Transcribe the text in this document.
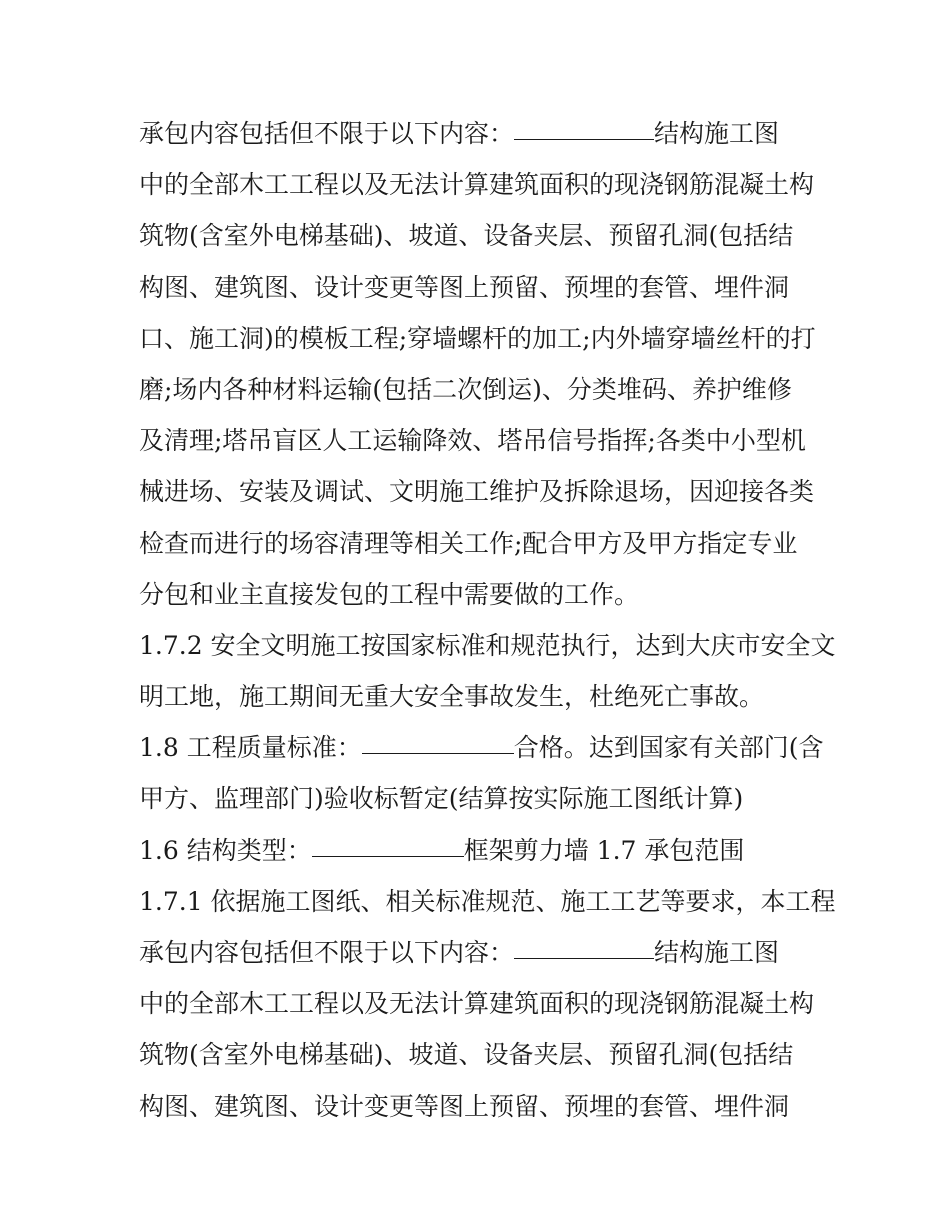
承包内容包括但不限于以下内容：	结构施工图
中的全部木工工程以及无法计算建筑面积的现浇钢筋混凝土构
筑物(含室外电梯基础)、坡道、设备夹层、预留孔洞(包括结
构图、建筑图、设计变更等图上预留、预埋的套管、埋件洞
口、施工洞)的模板工程;穿墙螺杆的加工;内外墙穿墙丝杆的打
磨;场内各种材料运输(包括二次倒运)、分类堆码、养护维修
及清理;塔吊盲区人工运输降效、塔吊信号指挥;各类中小型机
械进场、安装及调试、文明施工维护及拆除退场，因迎接各类
检查而进行的场容清理等相关工作;配合甲方及甲方指定专业
分包和业主直接发包的工程中需要做的工作。
1.7.2 安全文明施工按国家标准和规范执行，达到大庆市安全文
明工地，施工期间无重大安全事故发生，杜绝死亡事故。
1.8 工程质量标准：	合格。达到国家有关部门(含
甲方、监理部门)验收标暂定(结算按实际施工图纸计算)
1.6 结构类型：	框架剪力墙 1.7 承包范围
1.7.1 依据施工图纸、相关标准规范、施工工艺等要求，本工程
承包内容包括但不限于以下内容：	结构施工图
中的全部木工工程以及无法计算建筑面积的现浇钢筋混凝土构
筑物(含室外电梯基础)、坡道、设备夹层、预留孔洞(包括结
构图、建筑图、设计变更等图上预留、预埋的套管、埋件洞
